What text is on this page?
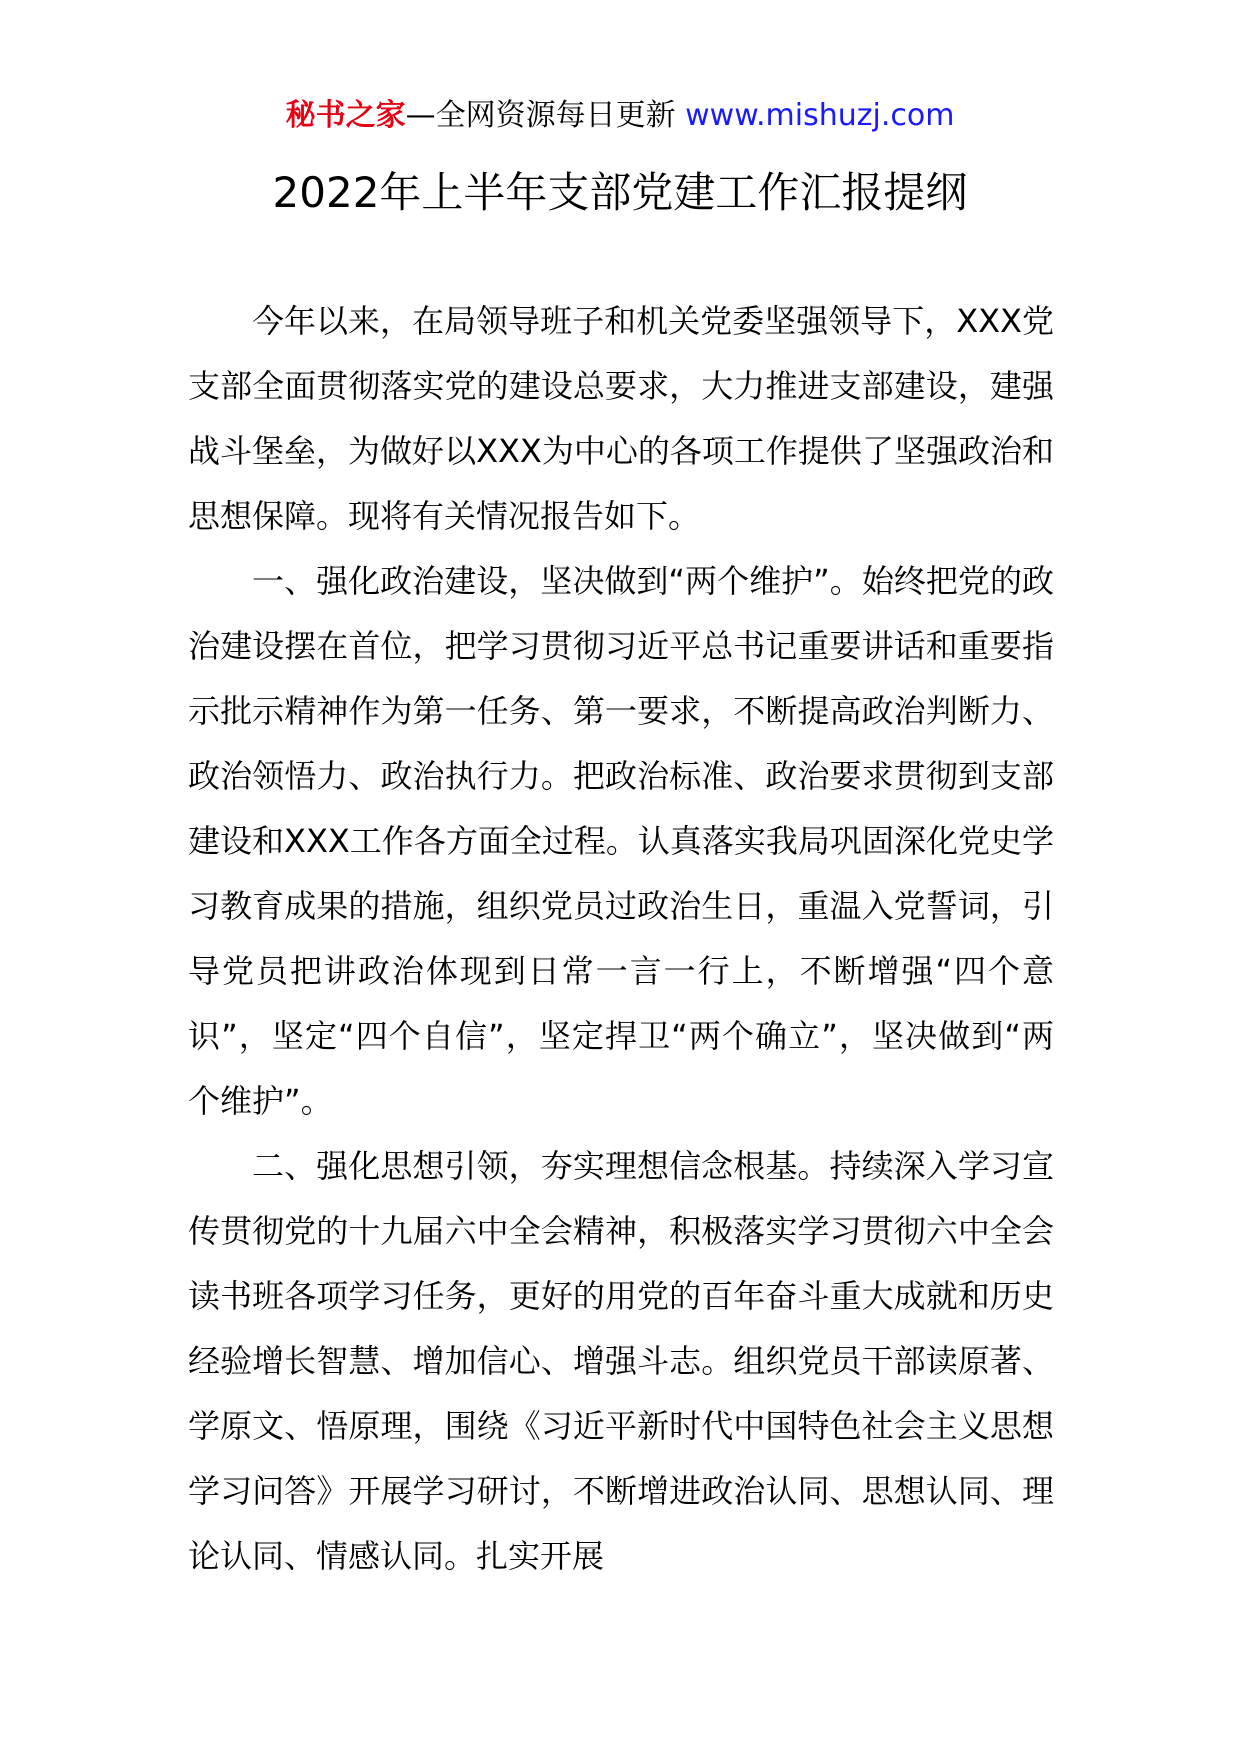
秘书之家—全网资源每日更新 www.mishuzj.com
2022年上半年支部党建工作汇报提纲

今年以来，在局领导班子和机关党委坚强领导下，XXX党支部全面贯彻落实党的建设总要求，大力推进支部建设，建强战斗堡垒，为做好以XXX为中心的各项工作提供了坚强政治和思想保障。现将有关情况报告如下。

一、强化政治建设，坚决做到“两个维护”。始终把党的政治建设摆在首位，把学习贯彻习近平总书记重要讲话和重要指示批示精神作为第一任务、第一要求，不断提高政治判断力、政治领悟力、政治执行力。把政治标准、政治要求贯彻到支部建设和XXX工作各方面全过程。认真落实我局巩固深化党史学习教育成果的措施，组织党员过政治生日，重温入党誓词，引导党员把讲政治体现到日常一言一行上，不断增强“四个意识”，坚定“四个自信”，坚定捍卫“两个确立”，坚决做到“两个维护”。

二、强化思想引领，夯实理想信念根基。持续深入学习宣传贯彻党的十九届六中全会精神，积极落实学习贯彻六中全会读书班各项学习任务，更好的用党的百年奋斗重大成就和历史经验增长智慧、增加信心、增强斗志。组织党员干部读原著、学原文、悟原理，围绕《习近平新时代中国特色社会主义思想学习问答》开展学习研讨，不断增进政治认同、思想认同、理论认同、情感认同。扎实开展
